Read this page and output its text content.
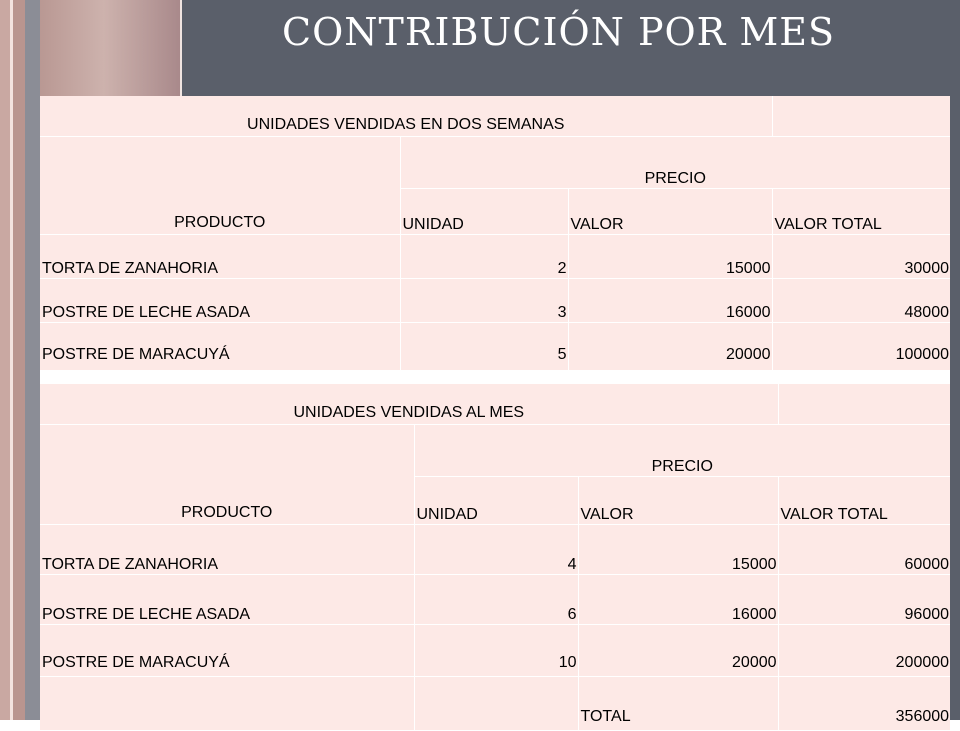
CONTRIBUCIÓN POR MES
UNIDADES VENDIDAS EN DOS SEMANAS			
PRODUCTO	PRECIO		
	UNIDAD	VALOR	VALOR TOTAL
TORTA DE ZANAHORIA	2	15000	30000
POSTRE DE LECHE ASADA	3	16000	48000
POSTRE DE MARACUYÁ	5	20000	100000
UNIDADES VENDIDAS AL MES			
PRODUCTO	PRECIO		
	UNIDAD	VALOR	VALOR TOTAL
TORTA DE ZANAHORIA	4	15000	60000
POSTRE DE LECHE ASADA	6	16000	96000
POSTRE DE MARACUYÁ	10	20000	200000
		TOTAL	356000
